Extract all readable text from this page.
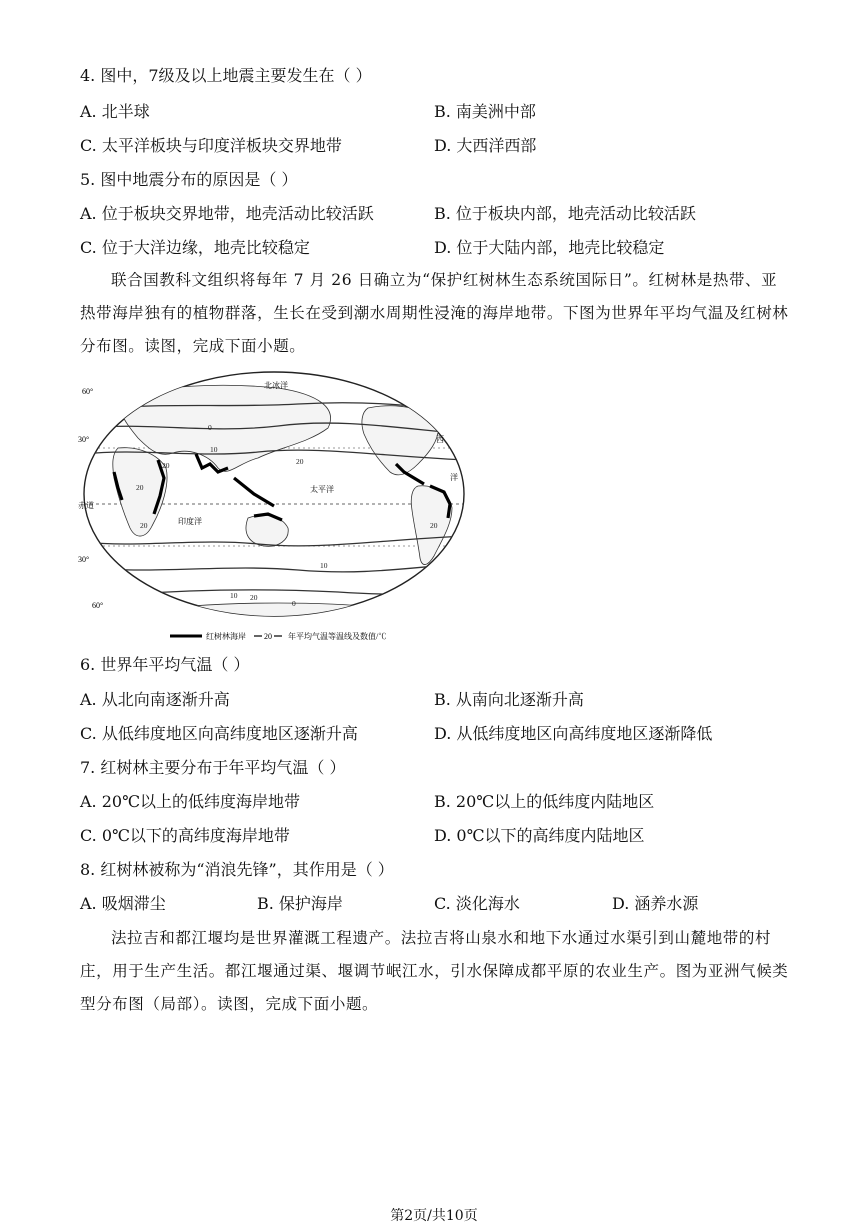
4. 图中，7级及以上地震主要发生在（ ）
A. 北半球	B. 南美洲中部
C. 太平洋板块与印度洋板块交界地带	D. 大西洋西部
5. 图中地震分布的原因是（ ）
A. 位于板块交界地带，地壳活动比较活跃	B. 位于板块内部，地壳活动比较活跃
C. 位于大洋边缘，地壳比较稳定	D. 位于大陆内部，地壳比较稳定
联合国教科文组织将每年 7 月 26 日确立为“保护红树林生态系统国际日”。红树林是热带、亚热带海岸独有的植物群落，生长在受到潮水周期性浸淹的海岸地带。下图为世界年平均气温及红树林分布图。读图，完成下面小题。
60°
30°
赤道
30°
60°
北冰洋
太平洋
印度洋
西
洋
0
10
20	20
20
20	20
10
10 20
0
红树林海岸 20 年平均气温等温线及数值/℃
6. 世界年平均气温（ ）
A. 从北向南逐渐升高	B. 从南向北逐渐升高
C. 从低纬度地区向高纬度地区逐渐升高	D. 从低纬度地区向高纬度地区逐渐降低
7. 红树林主要分布于年平均气温（ ）
A. 20℃以上的低纬度海岸地带	B. 20℃以上的低纬度内陆地区
C. 0℃以下的高纬度海岸地带	D. 0℃以下的高纬度内陆地区
8. 红树林被称为“消浪先锋”，其作用是（ ）
A. 吸烟滞尘	B. 保护海岸	C. 淡化海水	D. 涵养水源
法拉吉和都江堰均是世界灌溉工程遗产。法拉吉将山泉水和地下水通过水渠引到山麓地带的村庄，用于生产生活。都江堰通过渠、堰调节岷江水，引水保障成都平原的农业生产。图为亚洲气候类型分布图（局部）。读图，完成下面小题。
第2页/共10页
